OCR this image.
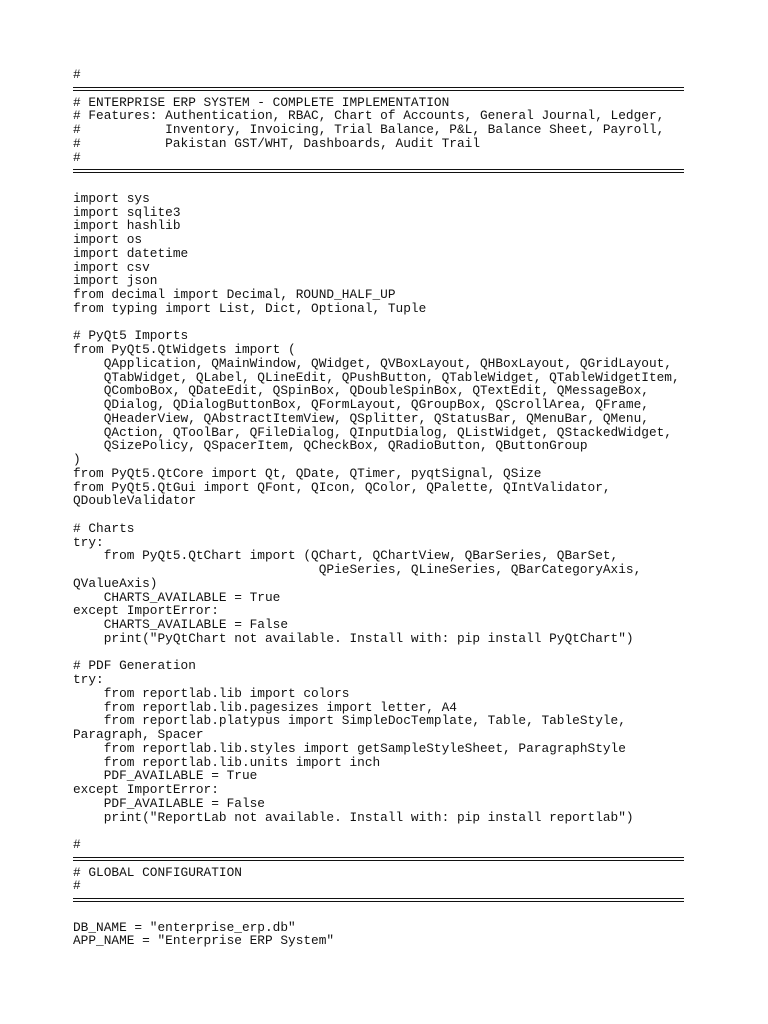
#
# ENTERPRISE ERP SYSTEM - COMPLETE IMPLEMENTATION
# Features: Authentication, RBAC, Chart of Accounts, General Journal, Ledger,
#           Inventory, Invoicing, Trial Balance, P&L, Balance Sheet, Payroll,
#           Pakistan GST/WHT, Dashboards, Audit Trail
#
import sys
import sqlite3
import hashlib
import os
import datetime
import csv
import json
from decimal import Decimal, ROUND_HALF_UP
from typing import List, Dict, Optional, Tuple
# PyQt5 Imports
from PyQt5.QtWidgets import (
QApplication, QMainWindow, QWidget, QVBoxLayout, QHBoxLayout, QGridLayout,
QTabWidget, QLabel, QLineEdit, QPushButton, QTableWidget, QTableWidgetItem,
QComboBox, QDateEdit, QSpinBox, QDoubleSpinBox, QTextEdit, QMessageBox,
QDialog, QDialogButtonBox, QFormLayout, QGroupBox, QScrollArea, QFrame,
QHeaderView, QAbstractItemView, QSplitter, QStatusBar, QMenuBar, QMenu,
QAction, QToolBar, QFileDialog, QInputDialog, QListWidget, QStackedWidget,
QSizePolicy, QSpacerItem, QCheckBox, QRadioButton, QButtonGroup
)
from PyQt5.QtCore import Qt, QDate, QTimer, pyqtSignal, QSize
from PyQt5.QtGui import QFont, QIcon, QColor, QPalette, QIntValidator,
QDoubleValidator
# Charts
try:
from PyQt5.QtChart import (QChart, QChartView, QBarSeries, QBarSet,
QPieSeries, QLineSeries, QBarCategoryAxis,
QValueAxis)
CHARTS_AVAILABLE = True
except ImportError:
CHARTS_AVAILABLE = False
print("PyQtChart not available. Install with: pip install PyQtChart")
# PDF Generation
try:
from reportlab.lib import colors
from reportlab.lib.pagesizes import letter, A4
from reportlab.platypus import SimpleDocTemplate, Table, TableStyle,
Paragraph, Spacer
from reportlab.lib.styles import getSampleStyleSheet, ParagraphStyle
from reportlab.lib.units import inch
PDF_AVAILABLE = True
except ImportError:
PDF_AVAILABLE = False
print("ReportLab not available. Install with: pip install reportlab")
#
# GLOBAL CONFIGURATION
#
DB_NAME = "enterprise_erp.db"
APP_NAME = "Enterprise ERP System"
